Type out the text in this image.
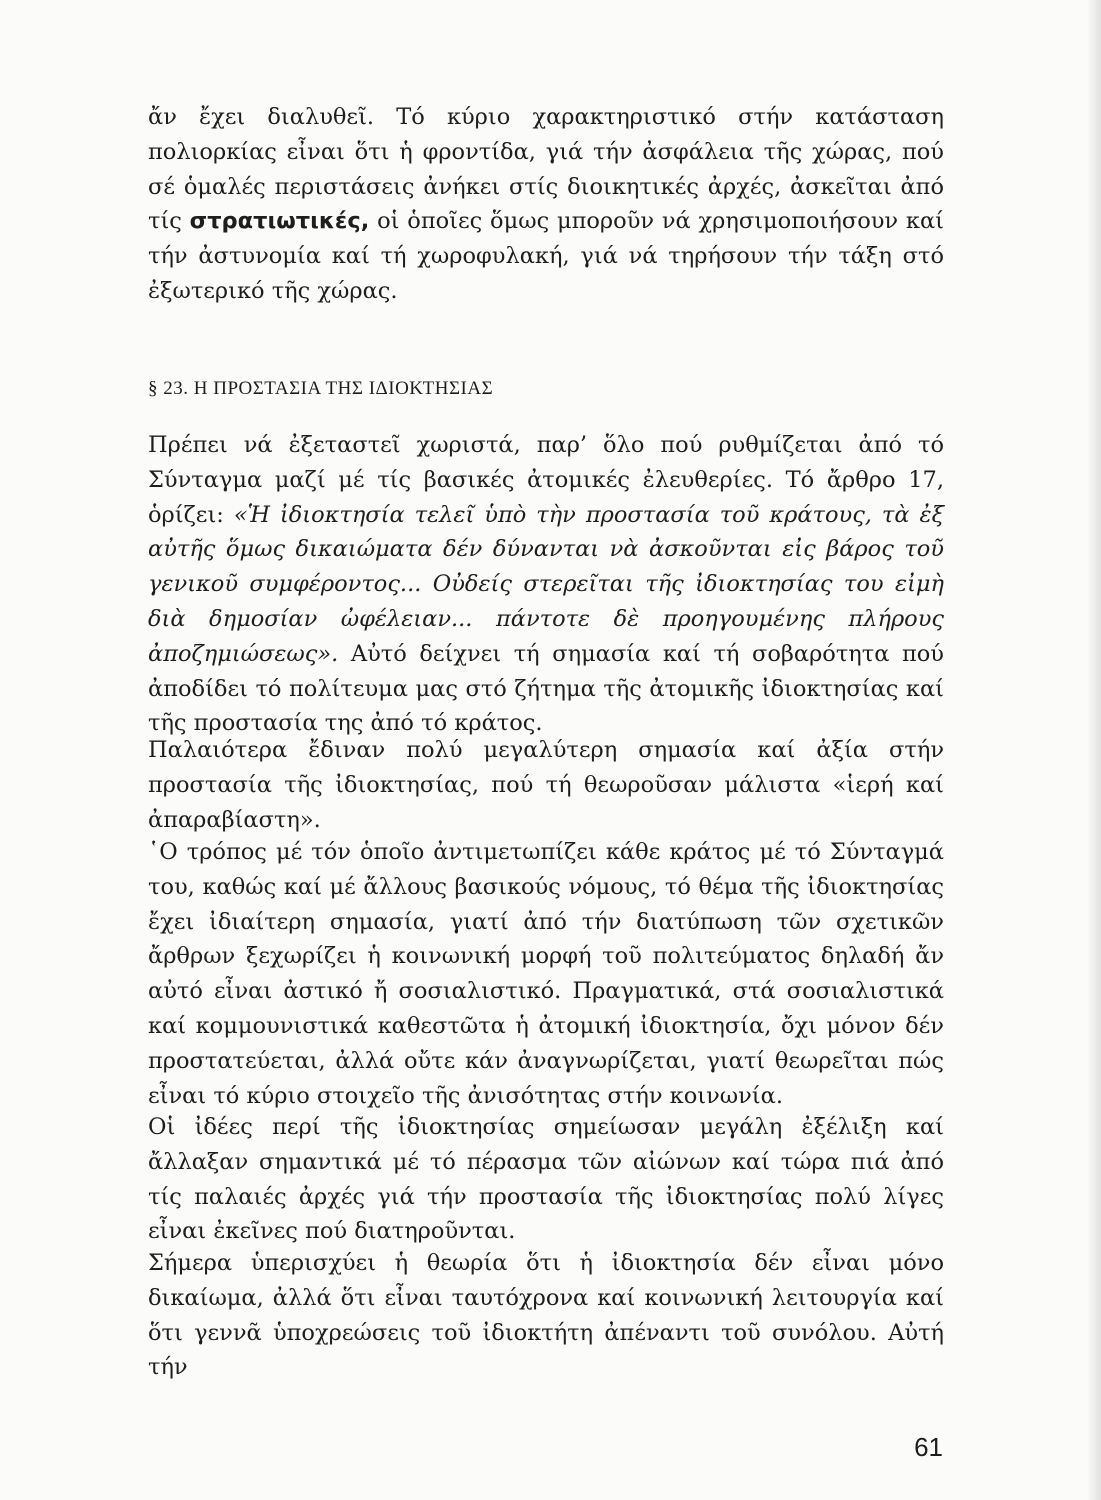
ἄν ἔχει διαλυθεῖ. Τό κύριο χαρακτηριστικό στήν κατάσταση πολιορκίας εἶναι ὅτι ἡ φροντίδα, γιά τήν ἀσφάλεια τῆς χώρας, πού σέ ὁμαλές περιστάσεις ἀνήκει στίς διοικητικές ἀρχές, ἀσκεῖται ἀπό τίς στρατιωτικές, οἱ ὁποῖες ὅμως μποροῦν νά χρησιμοποιήσουν καί τήν ἀστυνομία καί τή χωροφυλακή, γιά νά τηρήσουν τήν τάξη στό ἐξωτερικό τῆς χώρας.

§ 23. Η ΠΡΟΣΤΑΣΙΑ ΤΗΣ ΙΔΙΟΚΤΗΣΙΑΣ

Πρέπει νά ἐξεταστεῖ χωριστά, παρ’ ὅλο πού ρυθμίζεται ἀπό τό Σύνταγμα μαζί μέ τίς βασικές ἀτομικές ἐλευθερίες. Τό ἄρθρο 17, ὁρίζει: «Ἡ ἰδιοκτησία τελεῖ ὑπὸ τὴν προστασία τοῦ κράτους, τὰ ἐξ αὐτῆς ὅμως δικαιώματα δέν δύνανται νὰ ἀσκοῦνται εἰς βάρος τοῦ γενικοῦ συμφέροντος... Οὐδείς στερεῖται τῆς ἰδιοκτησίας του εἰμὴ διὰ δημοσίαν ὠφέλειαν... πάντοτε δὲ προηγουμένης πλήρους ἀποζημιώσεως». Αὐτό δείχνει τή σημασία καί τή σοβαρότητα πού ἀποδίδει τό πολίτευμα μας στό ζήτημα τῆς ἀτομικῆς ἰδιοκτησίας καί τῆς προστασία της ἀπό τό κράτος.

Παλαιότερα ἔδιναν πολύ μεγαλύτερη σημασία καί ἀξία στήν προστασία τῆς ἰδιοκτησίας, πού τή θεωροῦσαν μάλιστα «ἱερή καί ἀπαραβίαστη».

῾Ο τρόπος μέ τόν ὁποῖο ἀντιμετωπίζει κάθε κράτος μέ τό Σύνταγμά του, καθώς καί μέ ἄλλους βασικούς νόμους, τό θέμα τῆς ἰδιοκτησίας ἔχει ἰδιαίτερη σημασία, γιατί ἀπό τήν διατύπωση τῶν σχετικῶν ἄρθρων ξεχωρίζει ἡ κοινωνική μορφή τοῦ πολιτεύματος δηλαδή ἄν αὐτό εἶναι ἀστικό ἤ σοσιαλιστικό. Πραγματικά, στά σοσιαλιστικά καί κομμουνιστικά καθεστῶτα ἡ ἀτομική ἰδιοκτησία, ὄχι μόνον δέν προστατεύεται, ἀλλά οὔτε κάν ἀναγνωρίζεται, γιατί θεωρεῖται πώς εἶναι τό κύριο στοιχεῖο τῆς ἀνισότητας στήν κοινωνία.

Οἱ ἰδέες περί τῆς ἰδιοκτησίας σημείωσαν μεγάλη ἐξέλιξη καί ἄλλαξαν σημαντικά μέ τό πέρασμα τῶν αἰώνων καί τώρα πιά ἀπό τίς παλαιές ἀρχές γιά τήν προστασία τῆς ἰδιοκτησίας πολύ λίγες εἶναι ἐκεῖνες πού διατηροῦνται.

Σήμερα ὑπερισχύει ἡ θεωρία ὅτι ἡ ἰδιοκτησία δέν εἶναι μόνο δικαίωμα, ἀλλά ὅτι εἶναι ταυτόχρονα καί κοινωνική λειτουργία καί ὅτι γεννᾶ ὑποχρεώσεις τοῦ ἰδιοκτήτη ἀπέναντι τοῦ συνόλου. Αὐτή τήν

61
